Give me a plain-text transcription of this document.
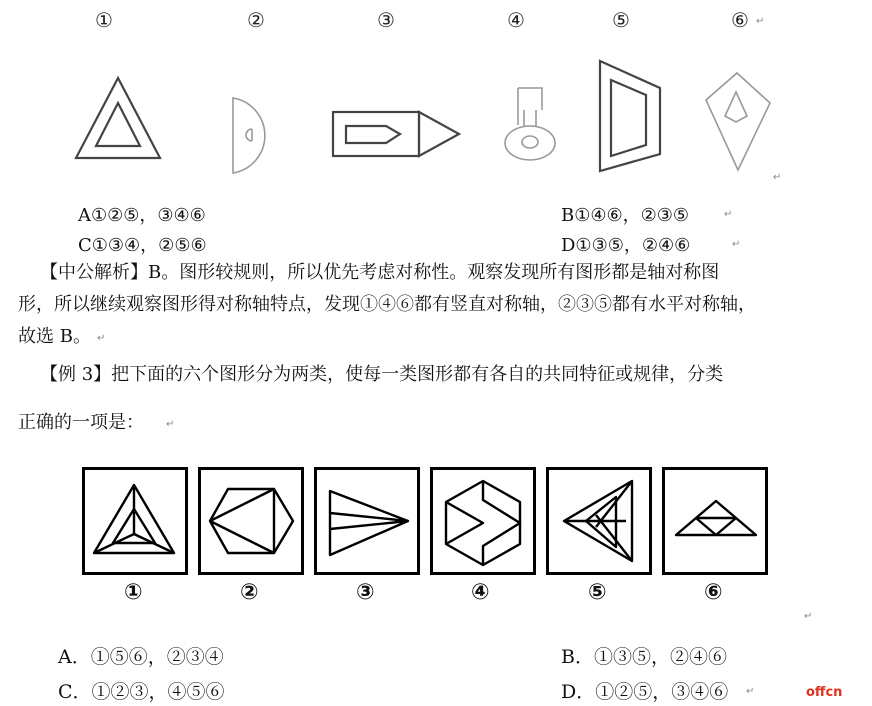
①	②	③	④	⑤	⑥ ↵
↵
A①②⑤，③④⑥	B①④⑥，②③⑤	↵
C①③④，②⑤⑥	D①③⑤，②④⑥	↵
【中公解析】B。图形较规则，所以优先考虑对称性。观察发现所有图形都是轴对称图
形，所以继续观察图形得对称轴特点，发现①④⑥都有竖直对称轴，②③⑤都有水平对称轴，
故选 B。 ↵
【例 3】把下面的六个图形分为两类，使每一类图形都有各自的共同特征或规律，分类
正确的一项是： ↵
①	②	③	④	⑤	⑥
↵
A．①⑤⑥，②③④	B．①③⑤，②④⑥
C．①②③，④⑤⑥	D．①②⑤，③④⑥ ↵	offcn
